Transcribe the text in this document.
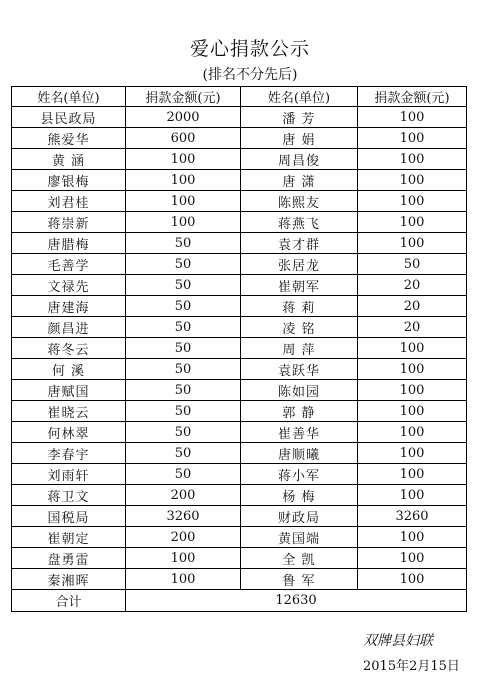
爱心捐款公示
(排名不分先后)
姓名(单位)	捐款金额(元)	姓名(单位)	捐款金额(元)
县民政局	2000	潘 芳	100
熊爱华	600	唐 娟	100
黄 涵	100	周昌俊	100
廖银梅	100	唐 潇	100
刘君桂	100	陈熙友	100
蒋崇新	100	蒋燕飞	100
唐腊梅	50	袁才群	100
毛善学	50	张居龙	50
文禄先	50	崔朝军	20
唐建海	50	蒋 莉	20
颜昌进	50	凌 铭	20
蒋冬云	50	周 萍	100
何 溪	50	袁跃华	100
唐赋国	50	陈如园	100
崔晓云	50	郭 静	100
何林翠	50	崔善华	100
李春宇	50	唐顺曦	100
刘雨轩	50	蒋小军	100
蒋卫文	200	杨 梅	100
国税局	3260	财政局	3260
崔朝定	200	黄国端	100
盘勇雷	100	全 凯	100
秦湘晖	100	鲁 军	100
合计	12630		
双牌县妇联
2015年2月15日
